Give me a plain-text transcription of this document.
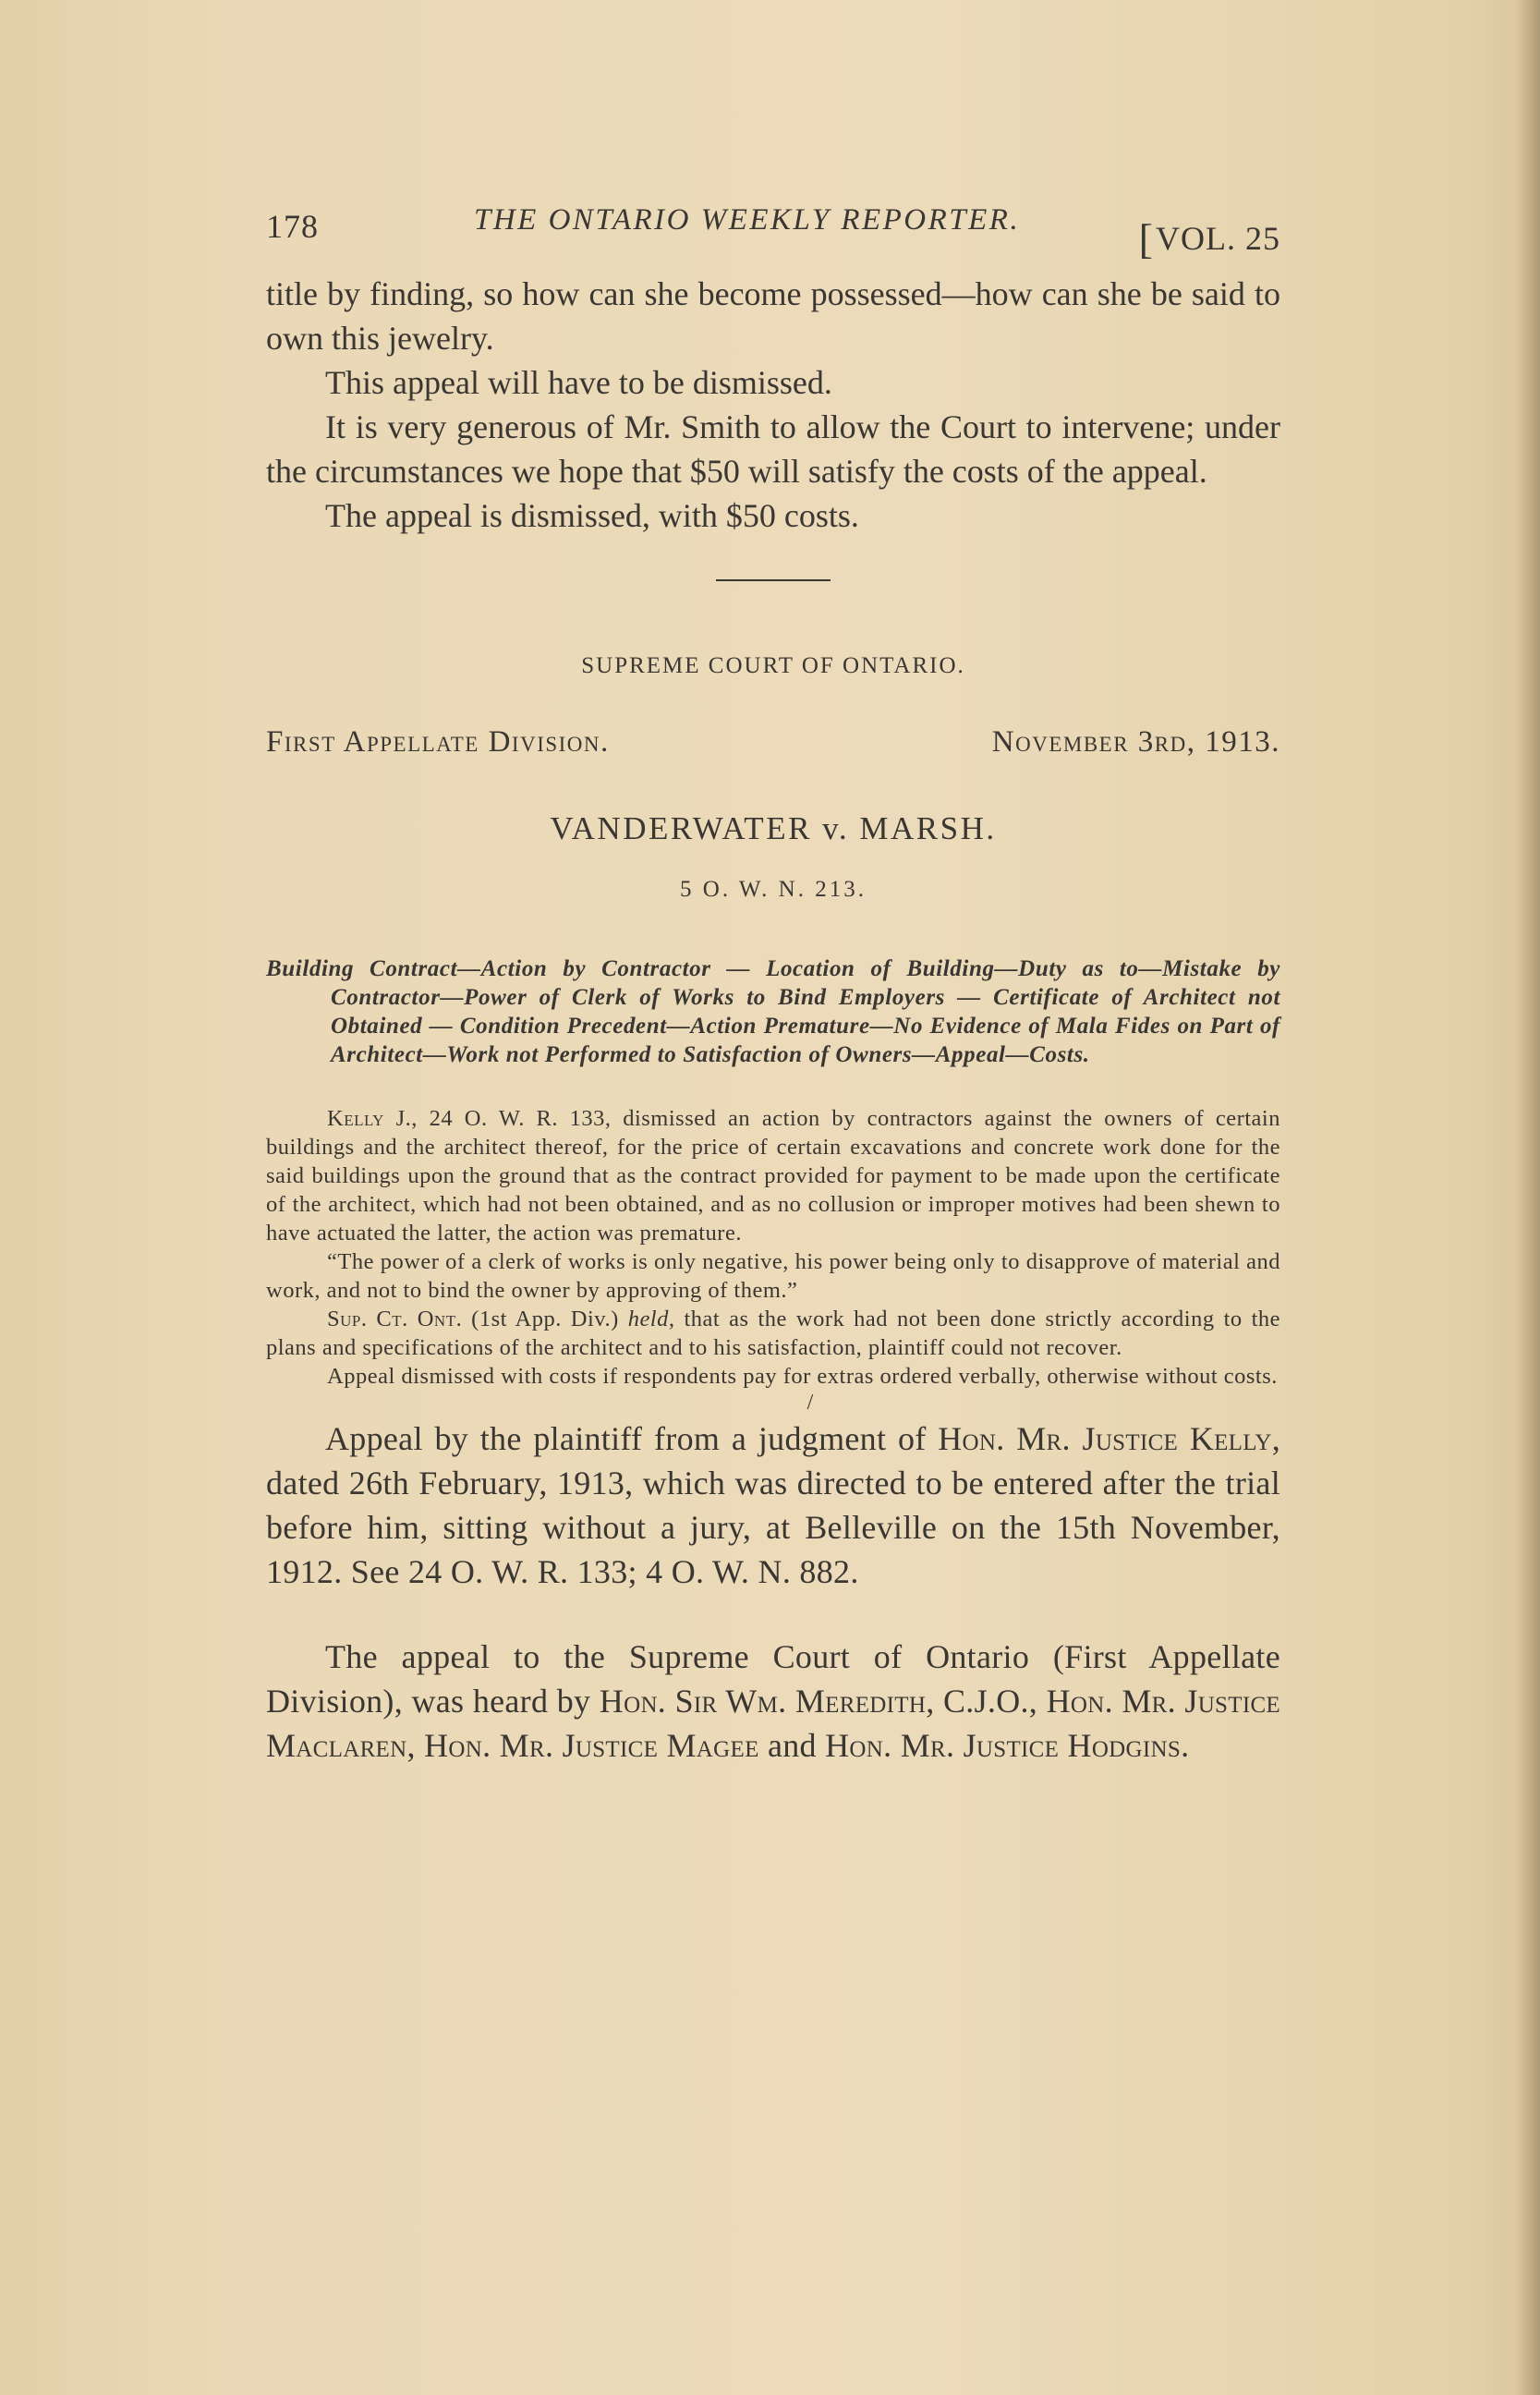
178	THE ONTARIO WEEKLY REPORTER.	[VOL. 25

title by finding, so how can she become possessed—how can she be said to own this jewelry.

This appeal will have to be dismissed.

It is very generous of Mr. Smith to allow the Court to intervene; under the circumstances we hope that $50 will satisfy the costs of the appeal.

The appeal is dismissed, with $50 costs.

SUPREME COURT OF ONTARIO.
First Appellate Division.	November 3rd, 1913.
VANDERWATER v. MARSH.
5 O. W. N. 213.
Building Contract—Action by Contractor — Location of Building—Duty as to—Mistake by Contractor—Power of Clerk of Works to Bind Employers — Certificate of Architect not Obtained — Condition Precedent—Action Premature—No Evidence of Mala Fides on Part of Architect—Work not Performed to Satisfaction of Owners—Appeal—Costs.

Kelly J., 24 O. W. R. 133, dismissed an action by contractors against the owners of certain buildings and the architect thereof, for the price of certain excavations and concrete work done for the said buildings upon the ground that as the contract provided for payment to be made upon the certificate of the architect, which had not been obtained, and as no collusion or improper motives had been shewn to have actuated the latter, the action was premature.

“The power of a clerk of works is only negative, his power being only to disapprove of material and work, and not to bind the owner by approving of them.”

Sup. Ct. Ont. (1st App. Div.) held, that as the work had not been done strictly according to the plans and specifications of the architect and to his satisfaction, plaintiff could not recover.

Appeal dismissed with costs if respondents pay for extras ordered verbally, otherwise without costs.

/

Appeal by the plaintiff from a judgment of Hon. Mr. Justice Kelly, dated 26th February, 1913, which was directed to be entered after the trial before him, sitting without a jury, at Belleville on the 15th November, 1912. See 24 O. W. R. 133; 4 O. W. N. 882.

The appeal to the Supreme Court of Ontario (First Appellate Division), was heard by Hon. Sir Wm. Meredith, C.J.O., Hon. Mr. Justice Maclaren, Hon. Mr. Justice Magee and Hon. Mr. Justice Hodgins.
